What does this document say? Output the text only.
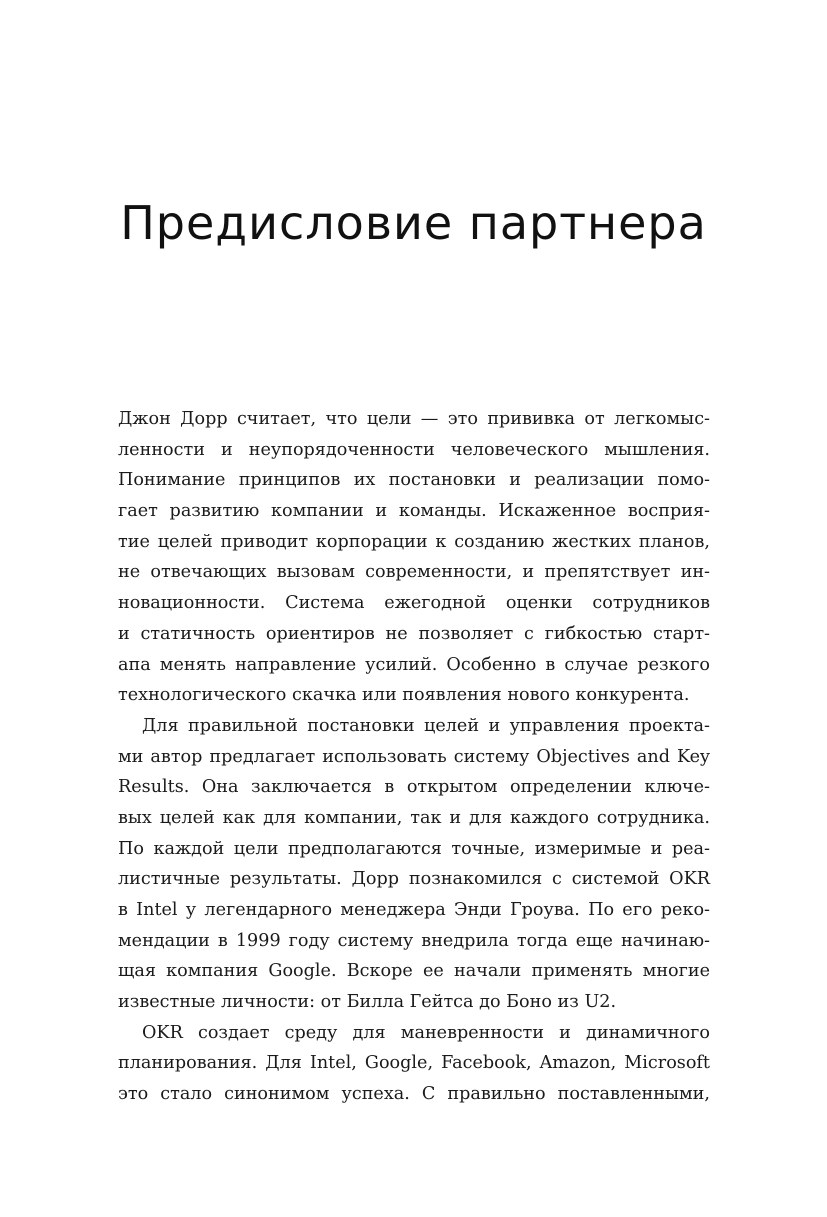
Предисловие партнера
Джон Дорр считает, что цели — это прививка от легкомыс-
ленности и неупорядоченности человеческого мышления.
Понимание принципов их постановки и реализации помо-
гает развитию компании и команды. Искаженное восприя-
тие целей приводит корпорации к созданию жестких планов,
не отвечающих вызовам современности, и препятствует ин-
новационности. Система ежегодной оценки сотрудников
и статичность ориентиров не позволяет с гибкостью старт-
апа менять направление усилий. Особенно в случае резкого
технологического скачка или появления нового конкурента.
Для правильной постановки целей и управления проекта-
ми автор предлагает использовать систему Objectives and Key
Results. Она заключается в открытом определении ключе-
вых целей как для компании, так и для каждого сотрудника.
По каждой цели предполагаются точные, измеримые и реа-
листичные результаты. Дорр познакомился с системой OKR
в Intel у легендарного менеджера Энди Гроува. По его реко-
мендации в 1999 году систему внедрила тогда еще начинаю-
щая компания Google. Вскоре ее начали применять многие
известные личности: от Билла Гейтса до Боно из U2.
OKR создает среду для маневренности и динамичного
планирования. Для Intel, Google, Facebook, Amazon, Microsoft
это стало синонимом успеха. С правильно поставленными,
